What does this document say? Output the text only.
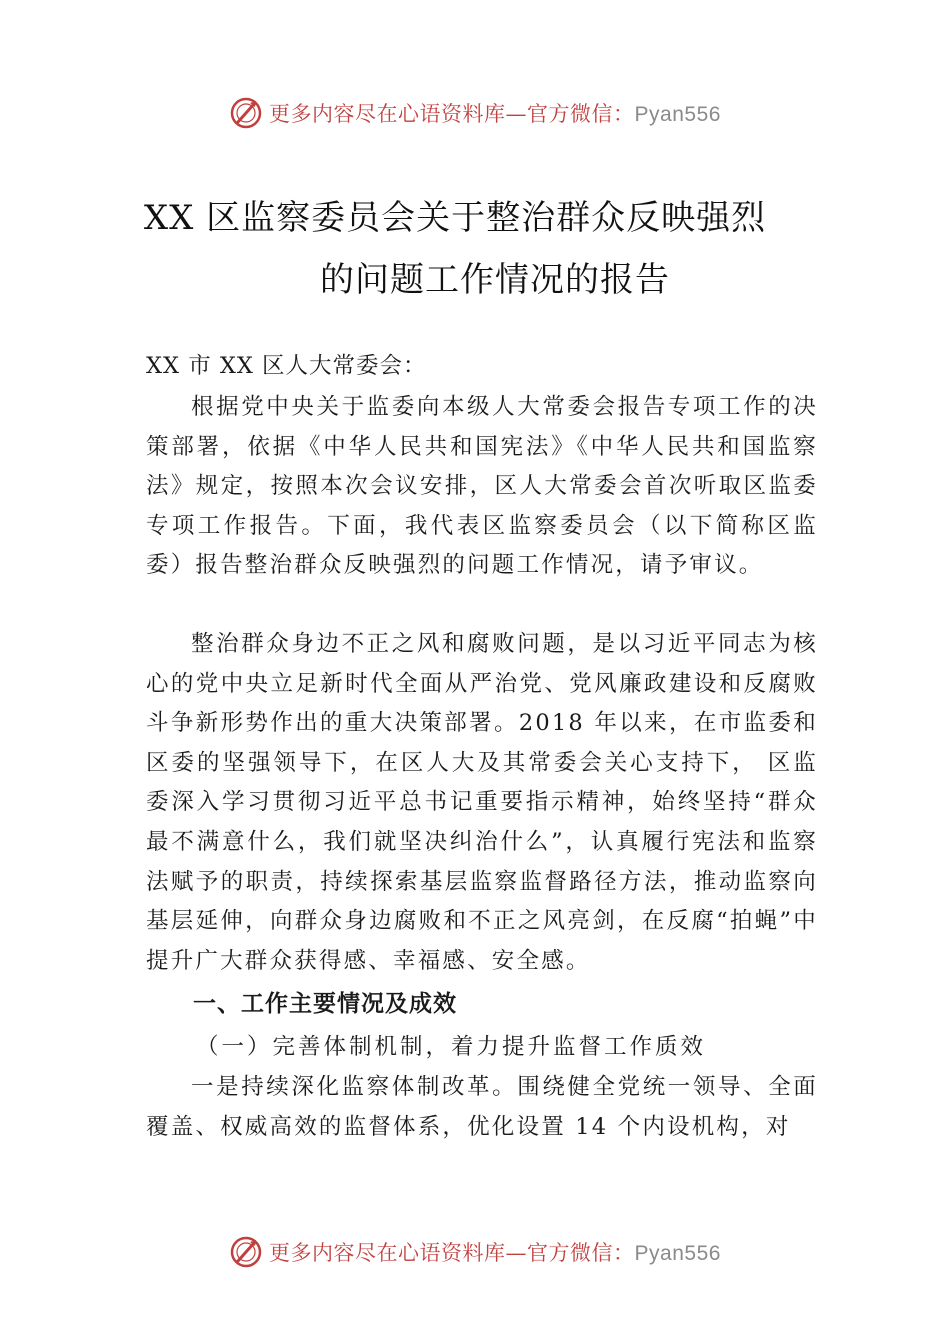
更多内容尽在心语资料库—官方微信：Pyan556
XX 区监察委员会关于整治群众反映强烈
的问题工作情况的报告
XX 市 XX 区人大常委会：

根据党中央关于监委向本级人大常委会报告专项工作的决策部署，依据《中华人民共和国宪法》《中华人民共和国监察法》规定，按照本次会议安排，区人大常委会首次听取区监委专项工作报告。下面，我代表区监察委员会（以下简称区监委）报告整治群众反映强烈的问题工作情况，请予审议。

整治群众身边不正之风和腐败问题，是以习近平同志为核心的党中央立足新时代全面从严治党、党风廉政建设和反腐败斗争新形势作出的重大决策部署。2018 年以来，在市监委和区委的坚强领导下，在区人大及其常委会关心支持下， 区监委深入学习贯彻习近平总书记重要指示精神，始终坚持“群众最不满意什么，我们就坚决纠治什么”，认真履行宪法和监察法赋予的职责，持续探索基层监察监督路径方法，推动监察向基层延伸，向群众身边腐败和不正之风亮剑，在反腐“拍蝇”中提升广大群众获得感、幸福感、安全感。

一、工作主要情况及成效
（一）完善体制机制，着力提升监督工作质效

一是持续深化监察体制改革。围绕健全党统一领导、全面覆盖、权威高效的监督体系，优化设置 14 个内设机构，对

更多内容尽在心语资料库—官方微信：Pyan556
